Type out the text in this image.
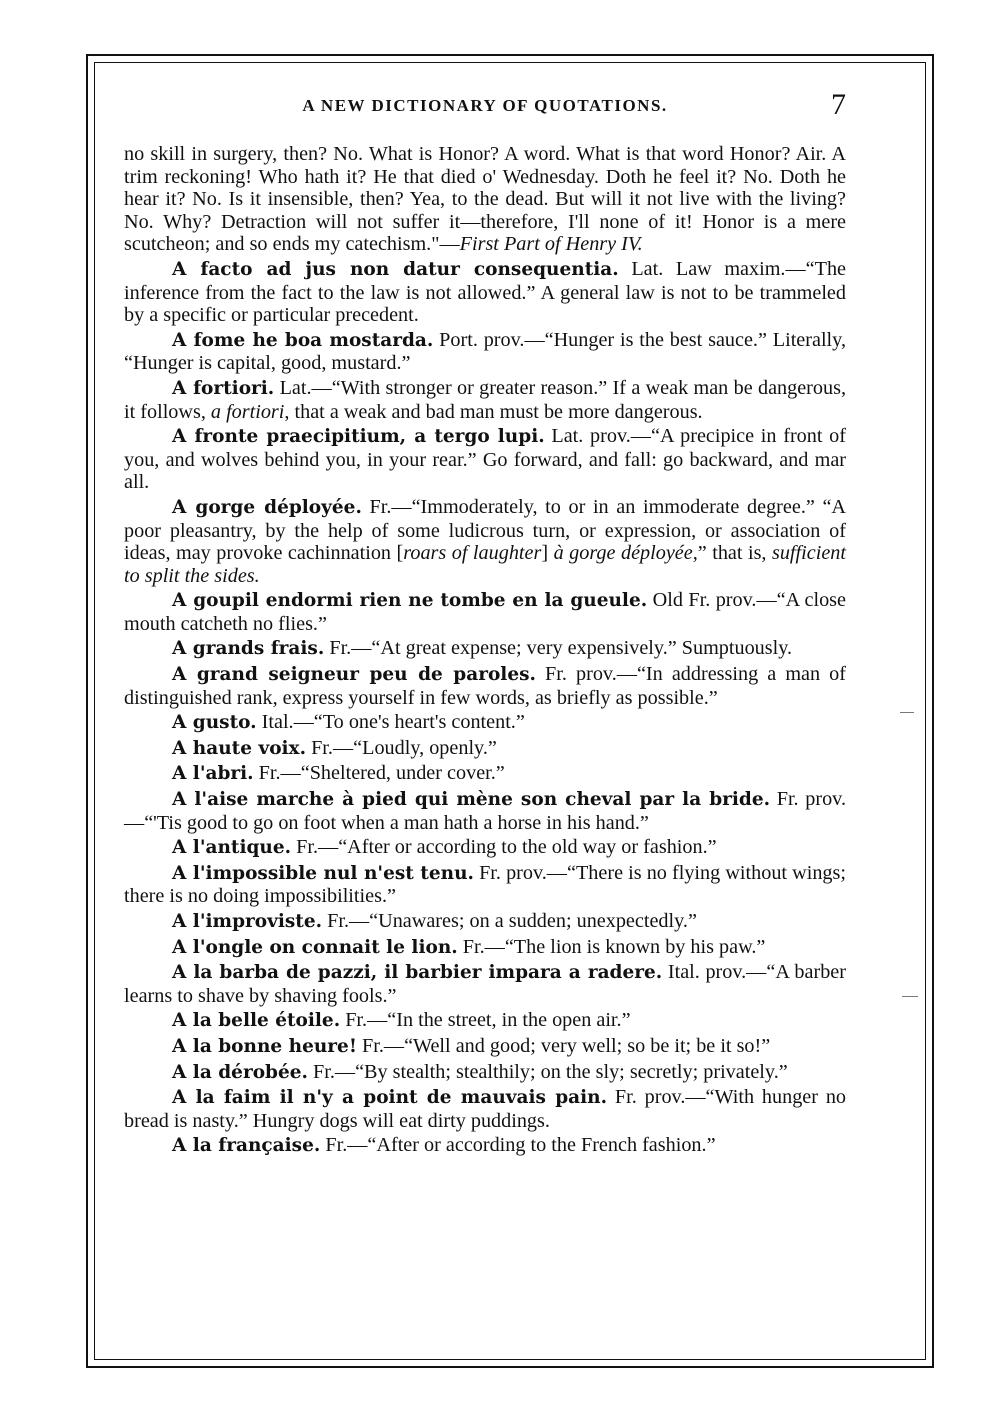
A NEW DICTIONARY OF QUOTATIONS.	7

no skill in surgery, then? No. What is Honor? A word. What is that word Honor? Air. A trim reckoning! Who hath it? He that died o' Wednesday. Doth he feel it? No. Doth he hear it? No. Is it insensible, then? Yea, to the dead. But will it not live with the living? No. Why? Detraction will not suffer it—therefore, I'll none of it! Honor is a mere scutcheon; and so ends my catechism."—First Part of Henry IV.

A facto ad jus non datur consequentia. Lat. Law maxim.—“The inference from the fact to the law is not allowed.” A general law is not to be trammeled by a specific or particular precedent.

A fome he boa mostarda. Port. prov.—“Hunger is the best sauce.” Literally, “Hunger is capital, good, mustard.”

A fortiori. Lat.—“With stronger or greater reason.” If a weak man be dangerous, it follows, a fortiori, that a weak and bad man must be more dangerous.

A fronte praecipitium, a tergo lupi. Lat. prov.—“A precipice in front of you, and wolves behind you, in your rear.” Go forward, and fall: go backward, and mar all.

A gorge déployée. Fr.—“Immoderately, to or in an immoderate degree.” “A poor pleasantry, by the help of some ludicrous turn, or expression, or association of ideas, may provoke cachinnation [roars of laughter] à gorge déployée,” that is, sufficient to split the sides.

A goupil endormi rien ne tombe en la gueule. Old Fr. prov.—“A close mouth catcheth no flies.”

A grands frais. Fr.—“At great expense; very expensively.” Sumptuously.

A grand seigneur peu de paroles. Fr. prov.—“In addressing a man of distinguished rank, express yourself in few words, as briefly as possible.”

A gusto. Ital.—“To one's heart's content.”

A haute voix. Fr.—“Loudly, openly.”

A l'abri. Fr.—“Sheltered, under cover.”

A l'aise marche à pied qui mène son cheval par la bride. Fr. prov.—“'Tis good to go on foot when a man hath a horse in his hand.”

A l'antique. Fr.—“After or according to the old way or fashion.”

A l'impossible nul n'est tenu. Fr. prov.—“There is no flying without wings; there is no doing impossibilities.”

A l'improviste. Fr.—“Unawares; on a sudden; unexpectedly.”

A l'ongle on connait le lion. Fr.—“The lion is known by his paw.”

A la barba de pazzi, il barbier impara a radere. Ital. prov.—“A barber learns to shave by shaving fools.”

A la belle étoile. Fr.—“In the street, in the open air.”

A la bonne heure! Fr.—“Well and good; very well; so be it; be it so!”

A la dérobée. Fr.—“By stealth; stealthily; on the sly; secretly; privately.”

A la faim il n'y a point de mauvais pain. Fr. prov.—“With hunger no bread is nasty.” Hungry dogs will eat dirty puddings.

A la française. Fr.—“After or according to the French fashion.”
